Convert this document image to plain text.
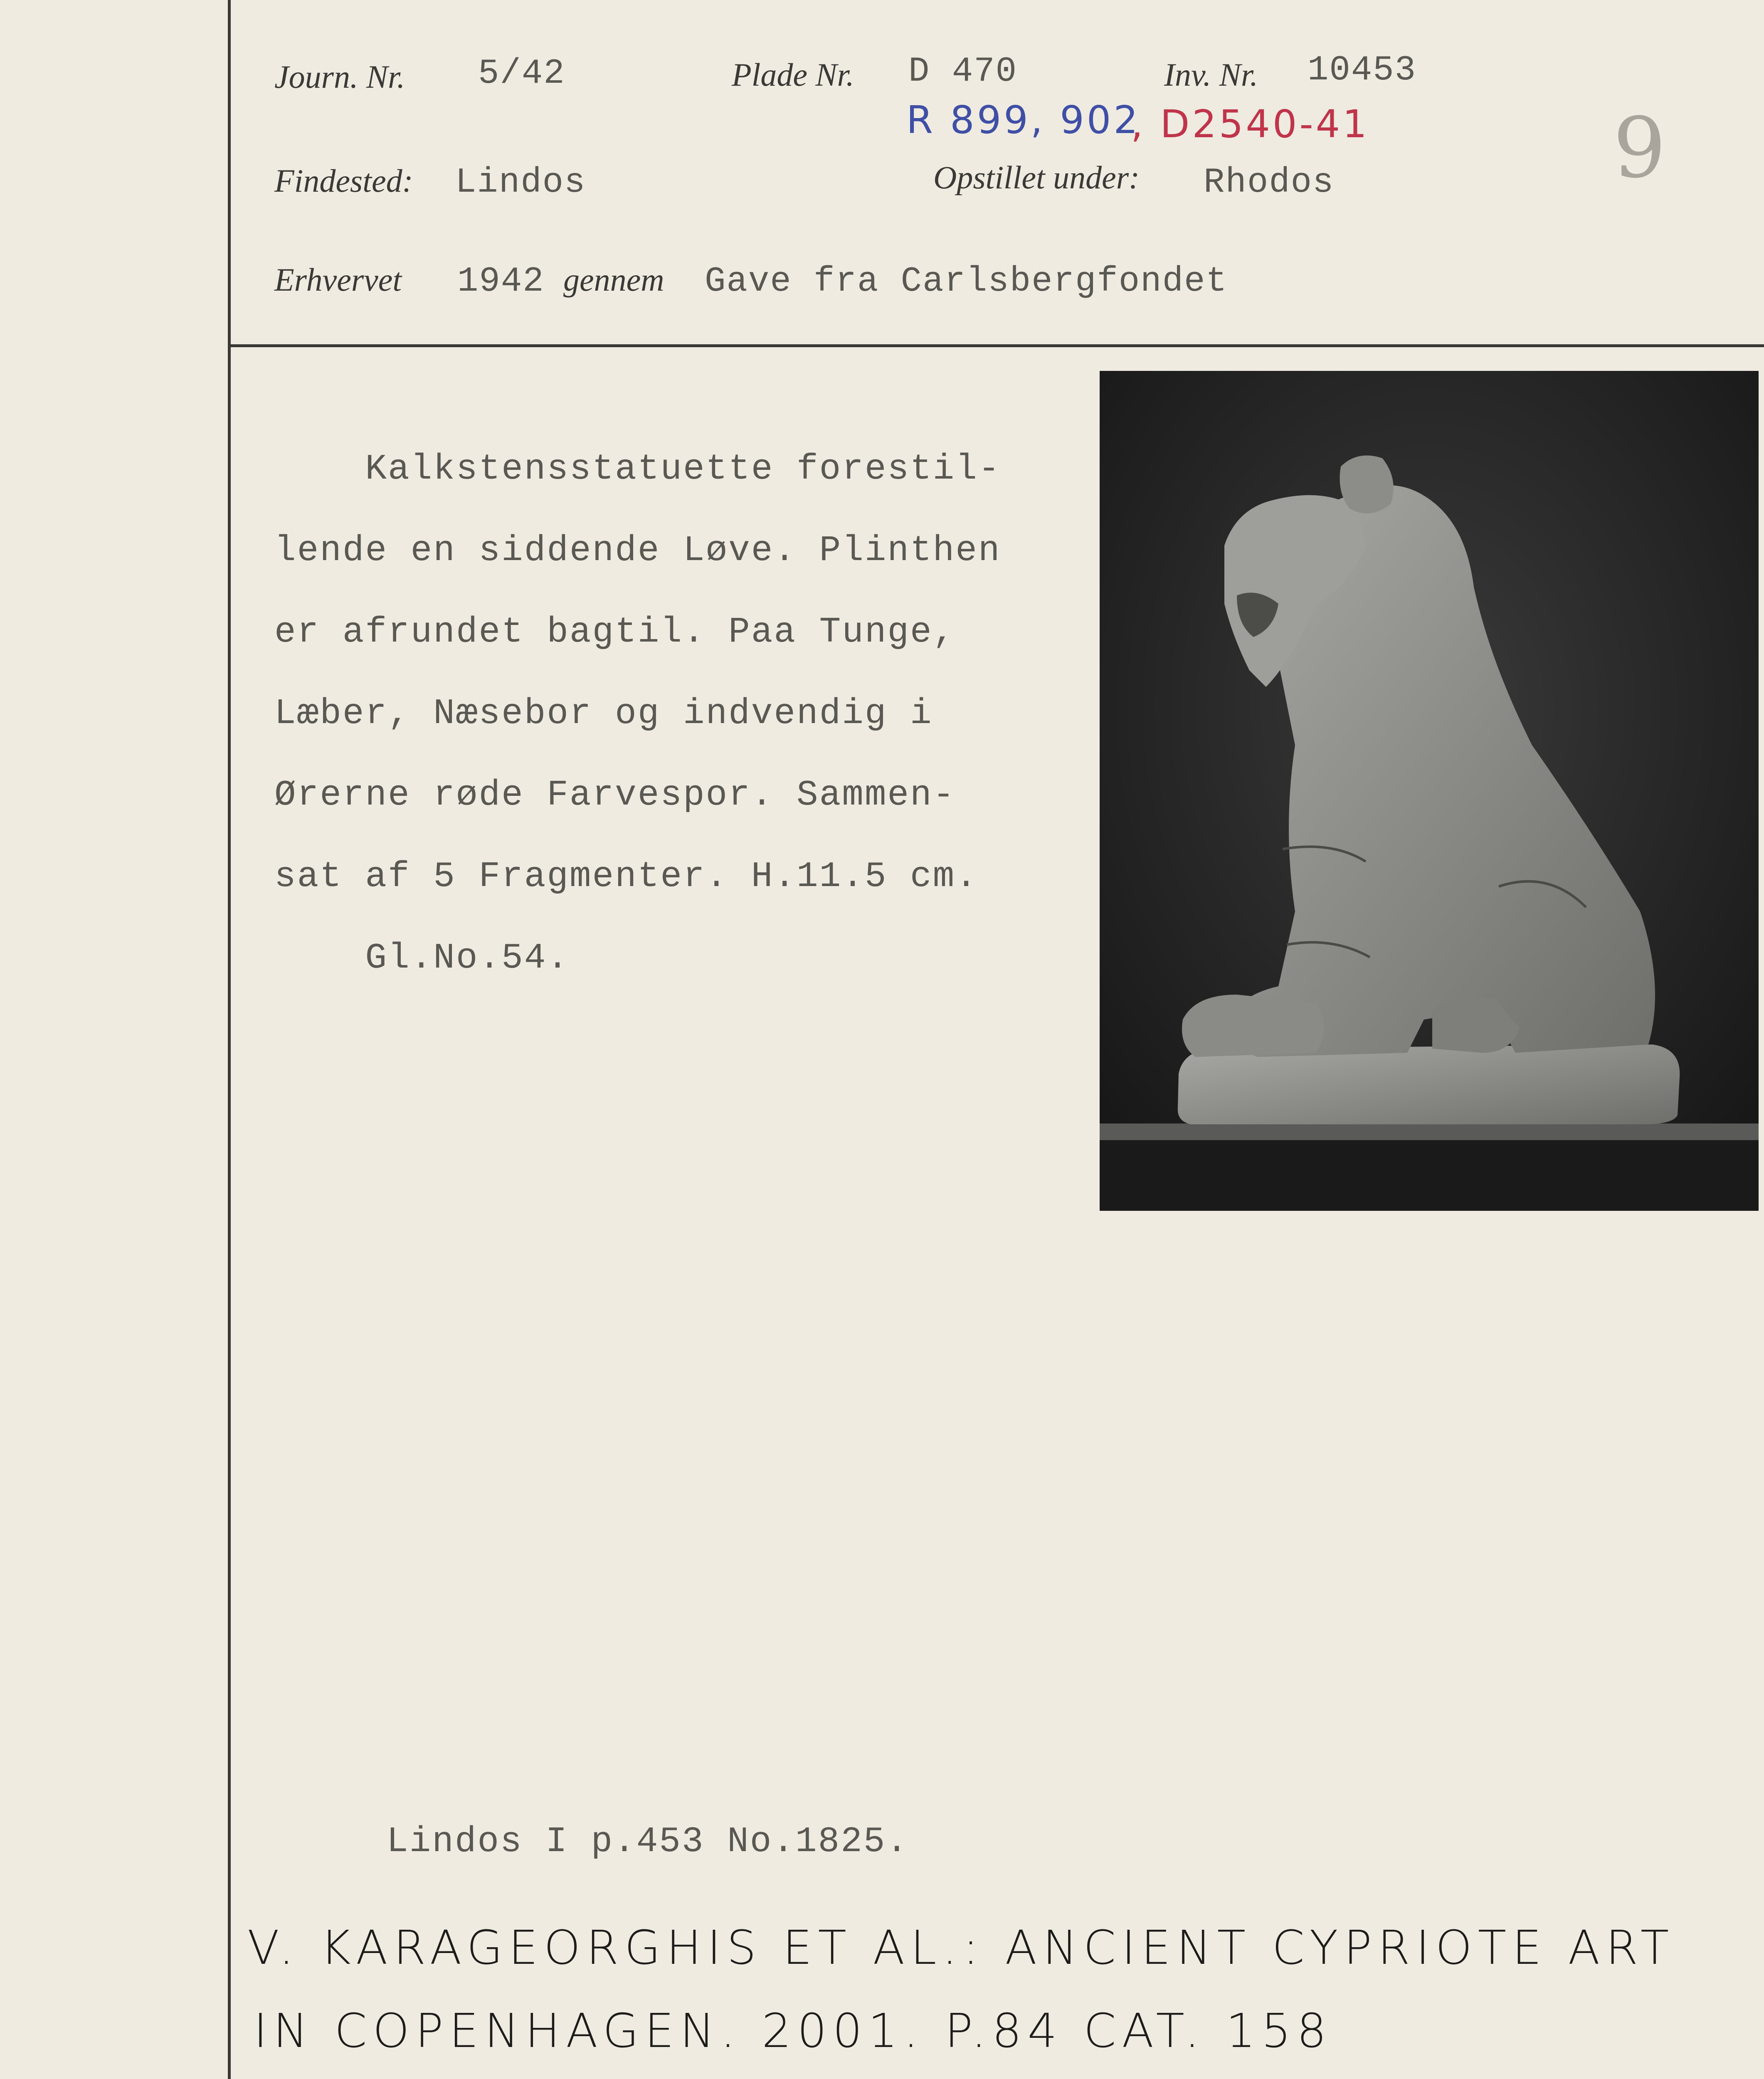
Journ. Nr. 5/42	Plade Nr. D 470	Inv. Nr. 10453
R 899, 902
, D2540-41
Findested: Lindos	Opstillet under: Rhodos	9
Erhvervet 1942 gennem Gave fra Carlsbergfondet
Kalkstensstatuette forestil-
lende en siddende Løve. Plinthen
er afrundet bagtil. Paa Tunge,
Læber, Næsebor og indvendig i
Ørerne røde Farvespor. Sammen-
sat af 5 Fragmenter. H.11.5 cm.
Gl.No.54.
Lindos I p.453 No.1825.
V. KARAGEORGHIS ET AL.: ANCIENT CYPRIOTE ART
IN COPENHAGEN. 2001. P.84 CAT. 158
